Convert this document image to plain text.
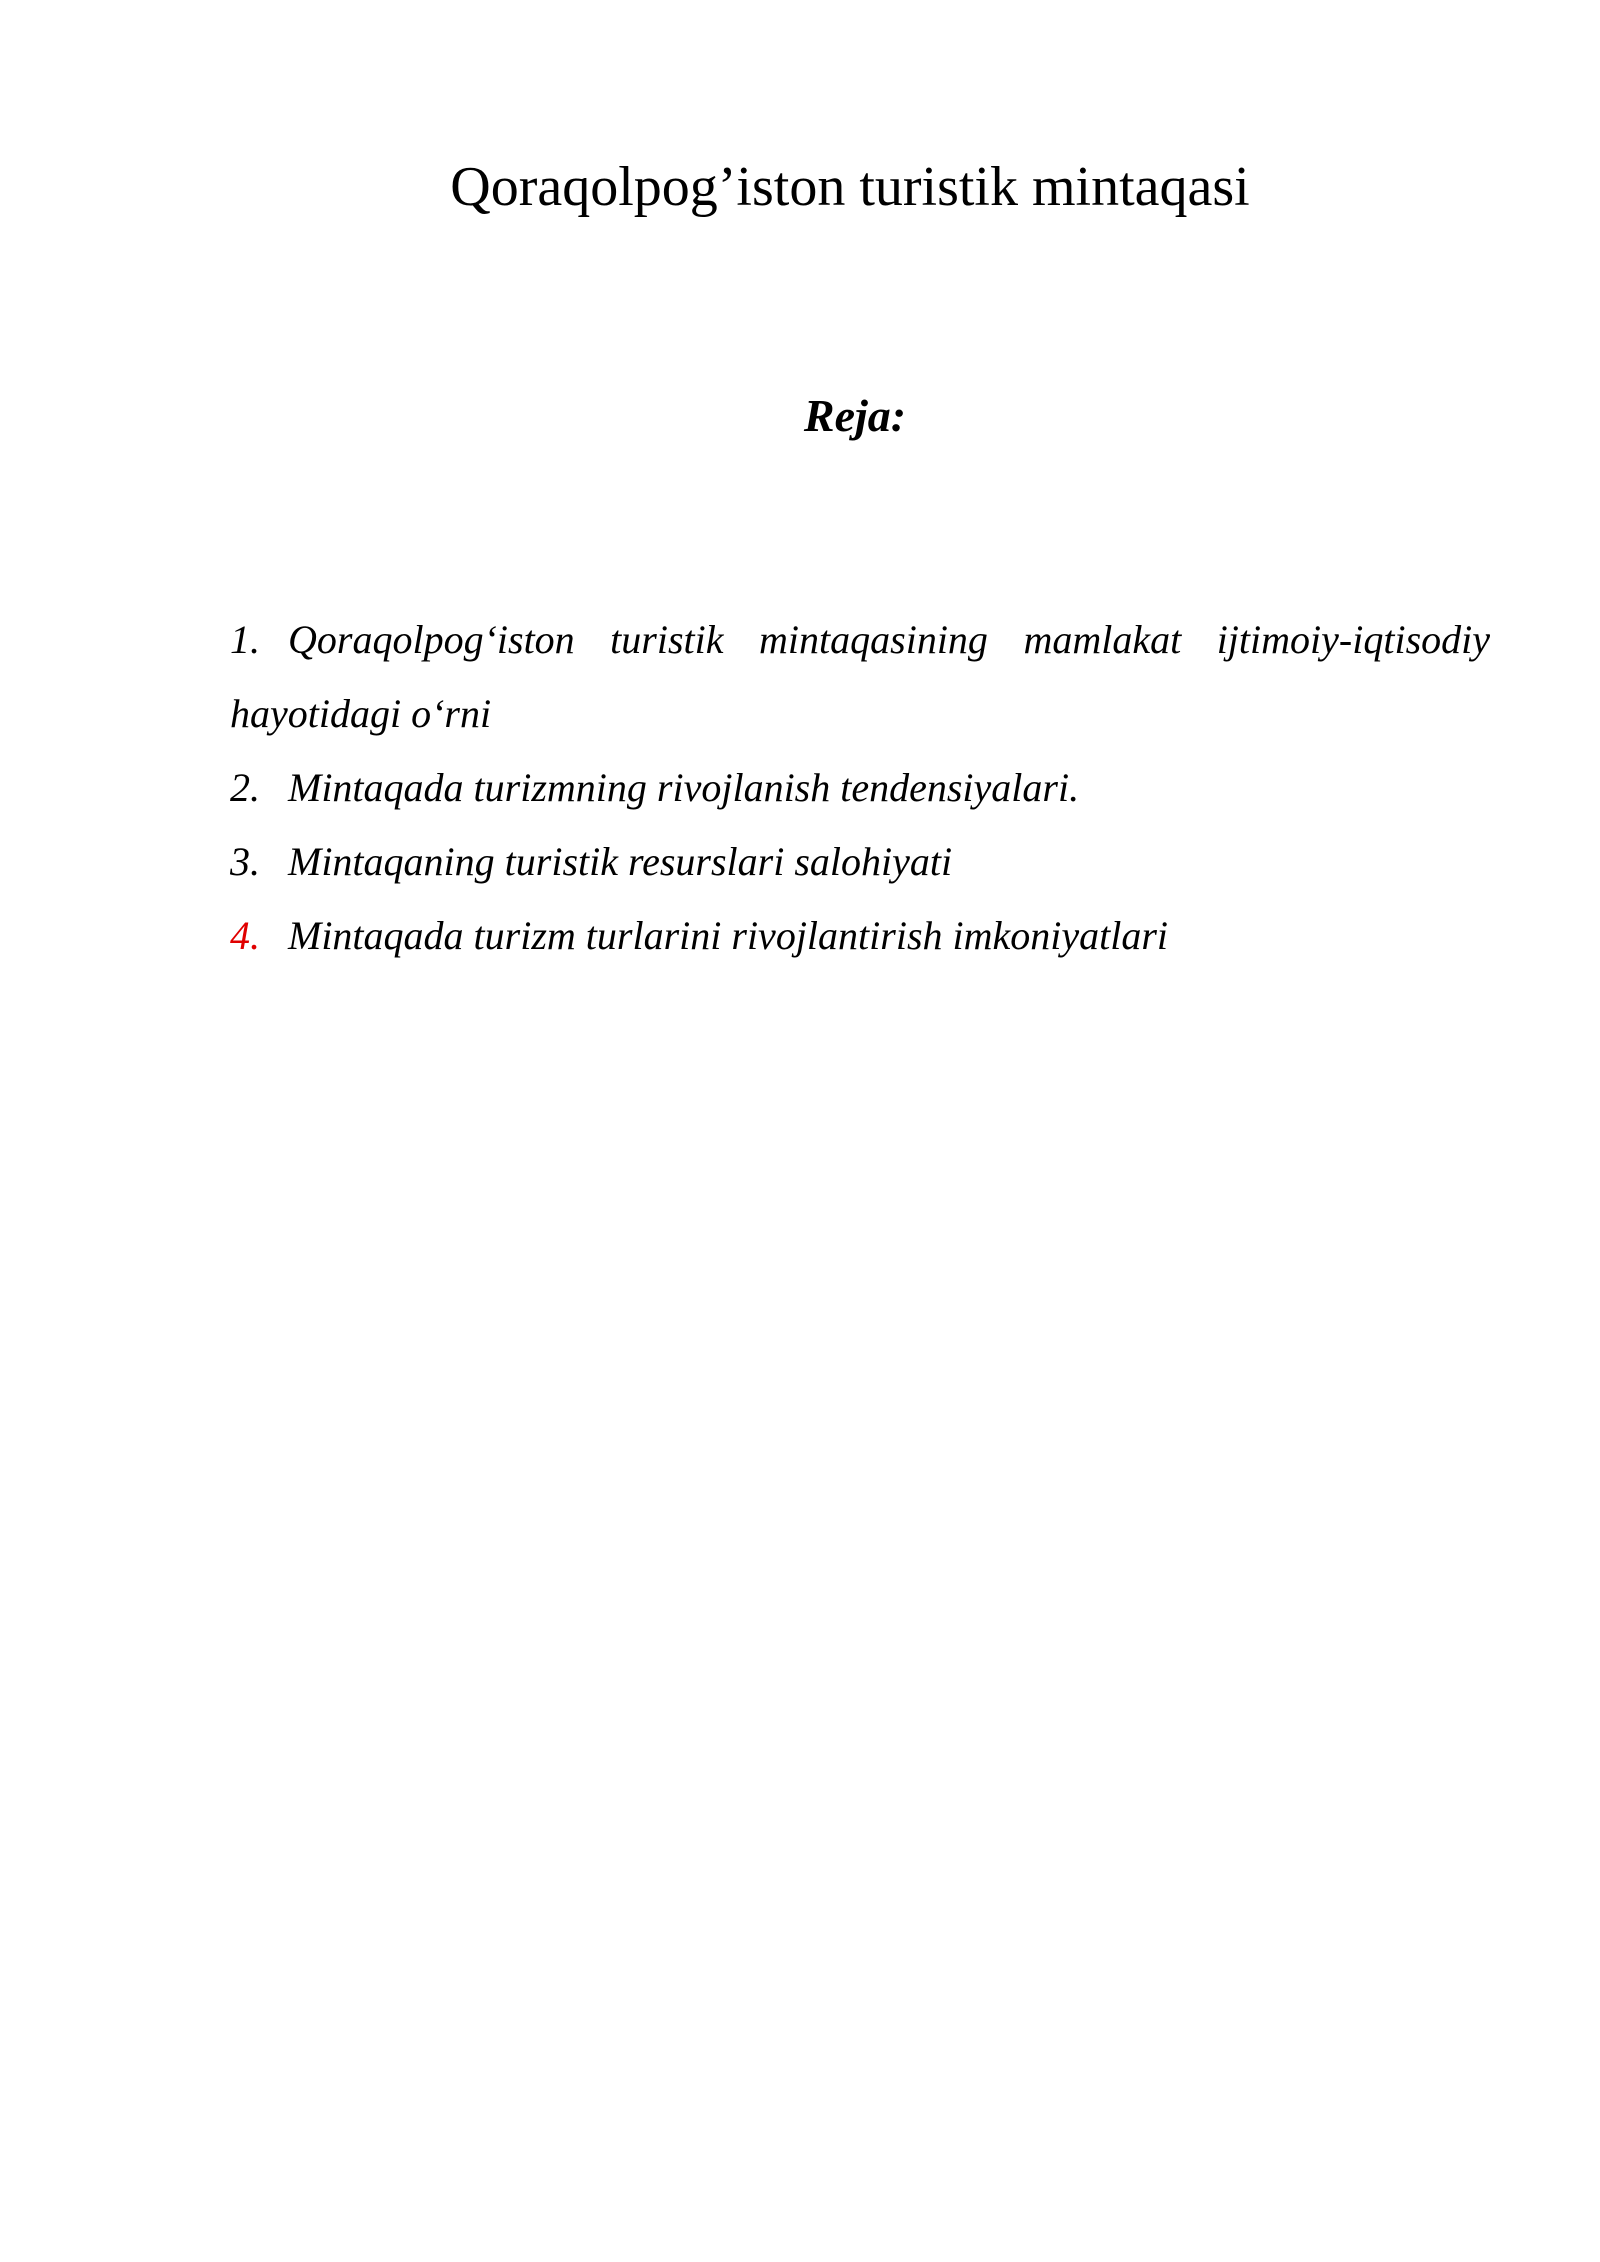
Qoraqolpog’iston turistik mintaqasi
Reja:
1. Qoraqolpog‘iston turistik mintaqasining mamlakat ijtimoiy-iqtisodiy
hayotidagi o‘rni
2. Mintaqada turizmning rivojlanish tendensiyalari.
3. Mintaqaning turistik resurslari salohiyati
4. Mintaqada turizm turlarini rivojlantirish imkoniyatlari
